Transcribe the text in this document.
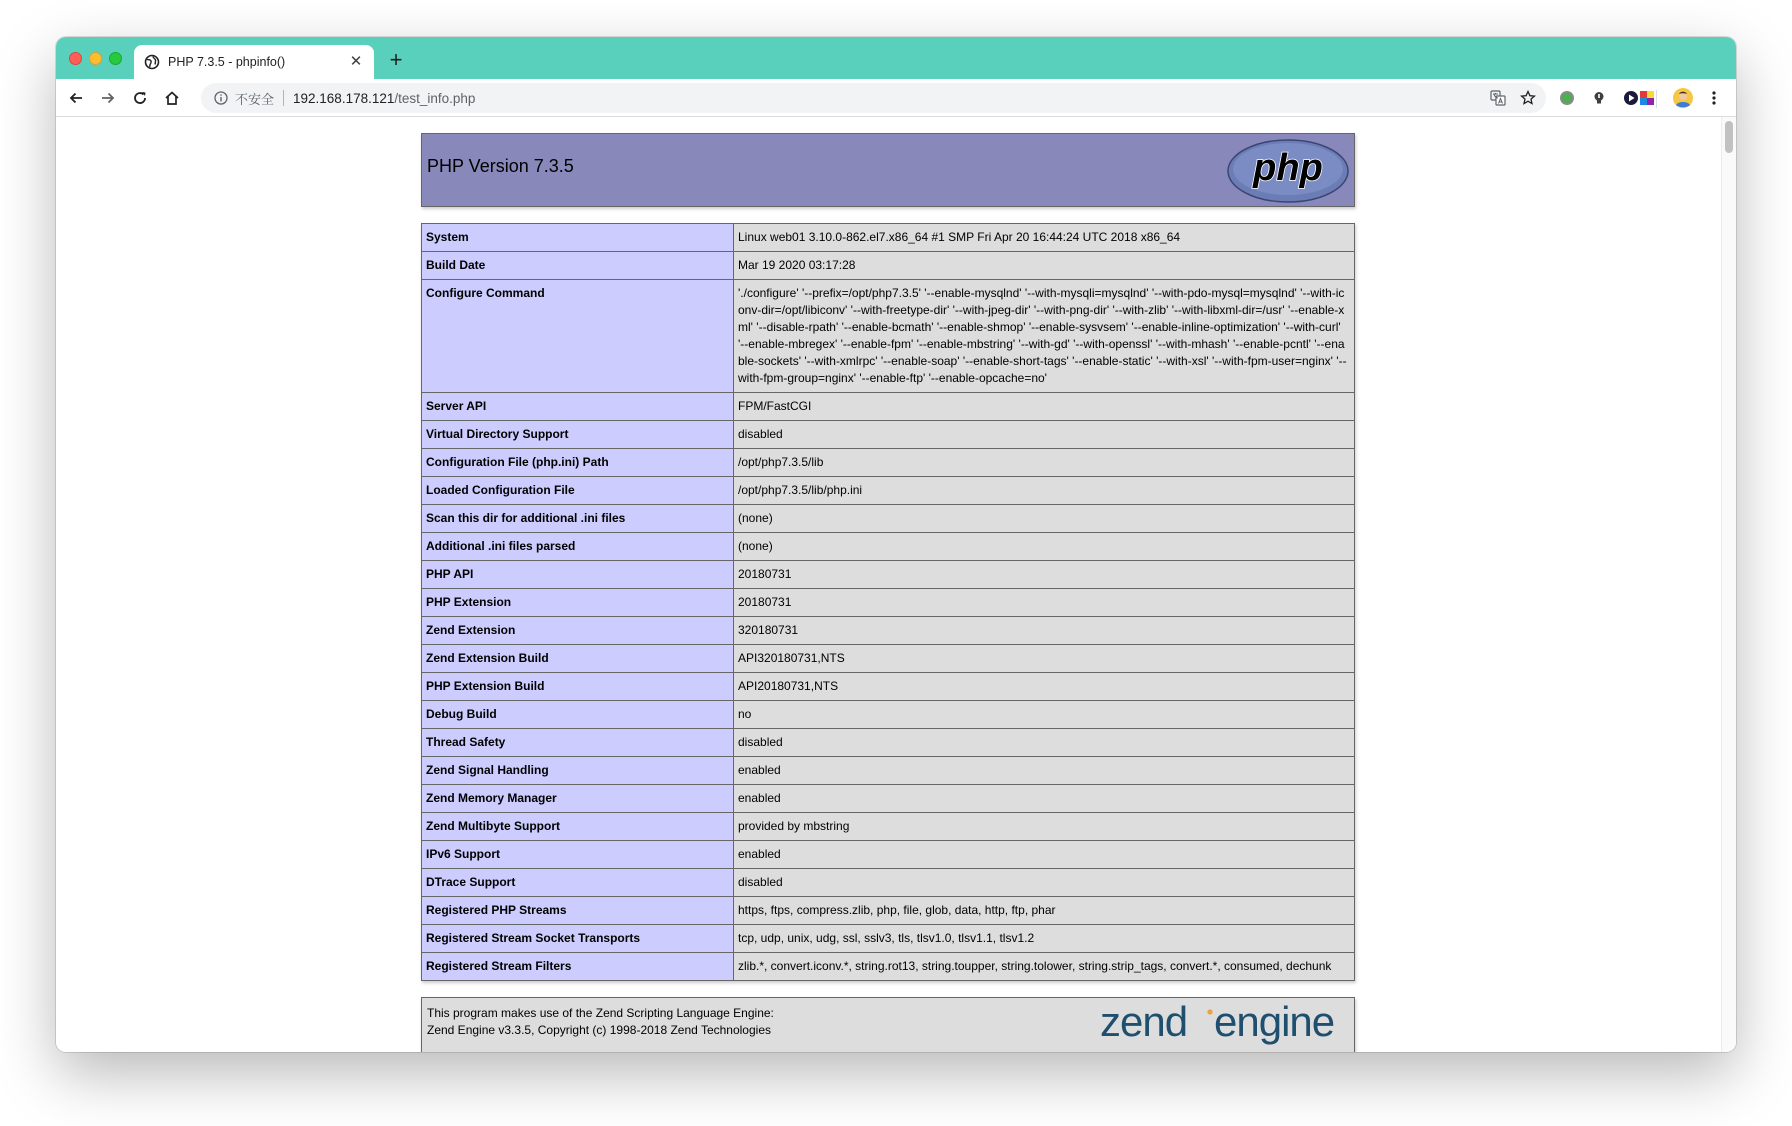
PHP 7.3.5 - phpinfo()	✕ +
不安全 192.168.178.121/test_info.php
PHP Version 7.3.5	php
System	Linux web01 3.10.0-862.el7.x86_64 #1 SMP Fri Apr 20 16:44:24 UTC 2018 x86_64
Build Date	Mar 19 2020 03:17:28
Configure Command	'./configure' '--prefix=/opt/php7.3.5' '--enable-mysqlnd' '--with-mysqli=mysqlnd' '--with-pdo-mysql=mysqlnd' '--with-iconv-dir=/opt/libiconv' '--with-freetype-dir' '--with-jpeg-dir' '--with-png-dir' '--with-zlib' '--with-libxml-dir=/usr' '--enable-xml' '--disable-rpath' '--enable-bcmath' '--enable-shmop' '--enable-sysvsem' '--enable-inline-optimization' '--with-curl' '--enable-mbregex' '--enable-fpm' '--enable-mbstring' '--with-gd' '--with-openssl' '--with-mhash' '--enable-pcntl' '--enable-sockets' '--with-xmlrpc' '--enable-soap' '--enable-short-tags' '--enable-static' '--with-xsl' '--with-fpm-user=nginx' '--with-fpm-group=nginx' '--enable-ftp' '--enable-opcache=no'
Server API	FPM/FastCGI
Virtual Directory Support	disabled
Configuration File (php.ini) Path	/opt/php7.3.5/lib
Loaded Configuration File	/opt/php7.3.5/lib/php.ini
Scan this dir for additional .ini files	(none)
Additional .ini files parsed	(none)
PHP API	20180731
PHP Extension	20180731
Zend Extension	320180731
Zend Extension Build	API320180731,NTS
PHP Extension Build	API20180731,NTS
Debug Build	no
Thread Safety	disabled
Zend Signal Handling	enabled
Zend Memory Manager	enabled
Zend Multibyte Support	provided by mbstring
IPv6 Support	enabled
DTrace Support	disabled
Registered PHP Streams	https, ftps, compress.zlib, php, file, glob, data, http, ftp, phar
Registered Stream Socket Transports	tcp, udp, unix, udg, ssl, sslv3, tls, tlsv1.0, tlsv1.1, tlsv1.2
Registered Stream Filters	zlib.*, convert.iconv.*, string.rot13, string.toupper, string.tolower, string.strip_tags, convert.*, consumed, dechunk
This program makes use of the Zend Scripting Language Engine:
Zend Engine v3.3.5, Copyright (c) 1998-2018 Zend Technologies	zend engine
